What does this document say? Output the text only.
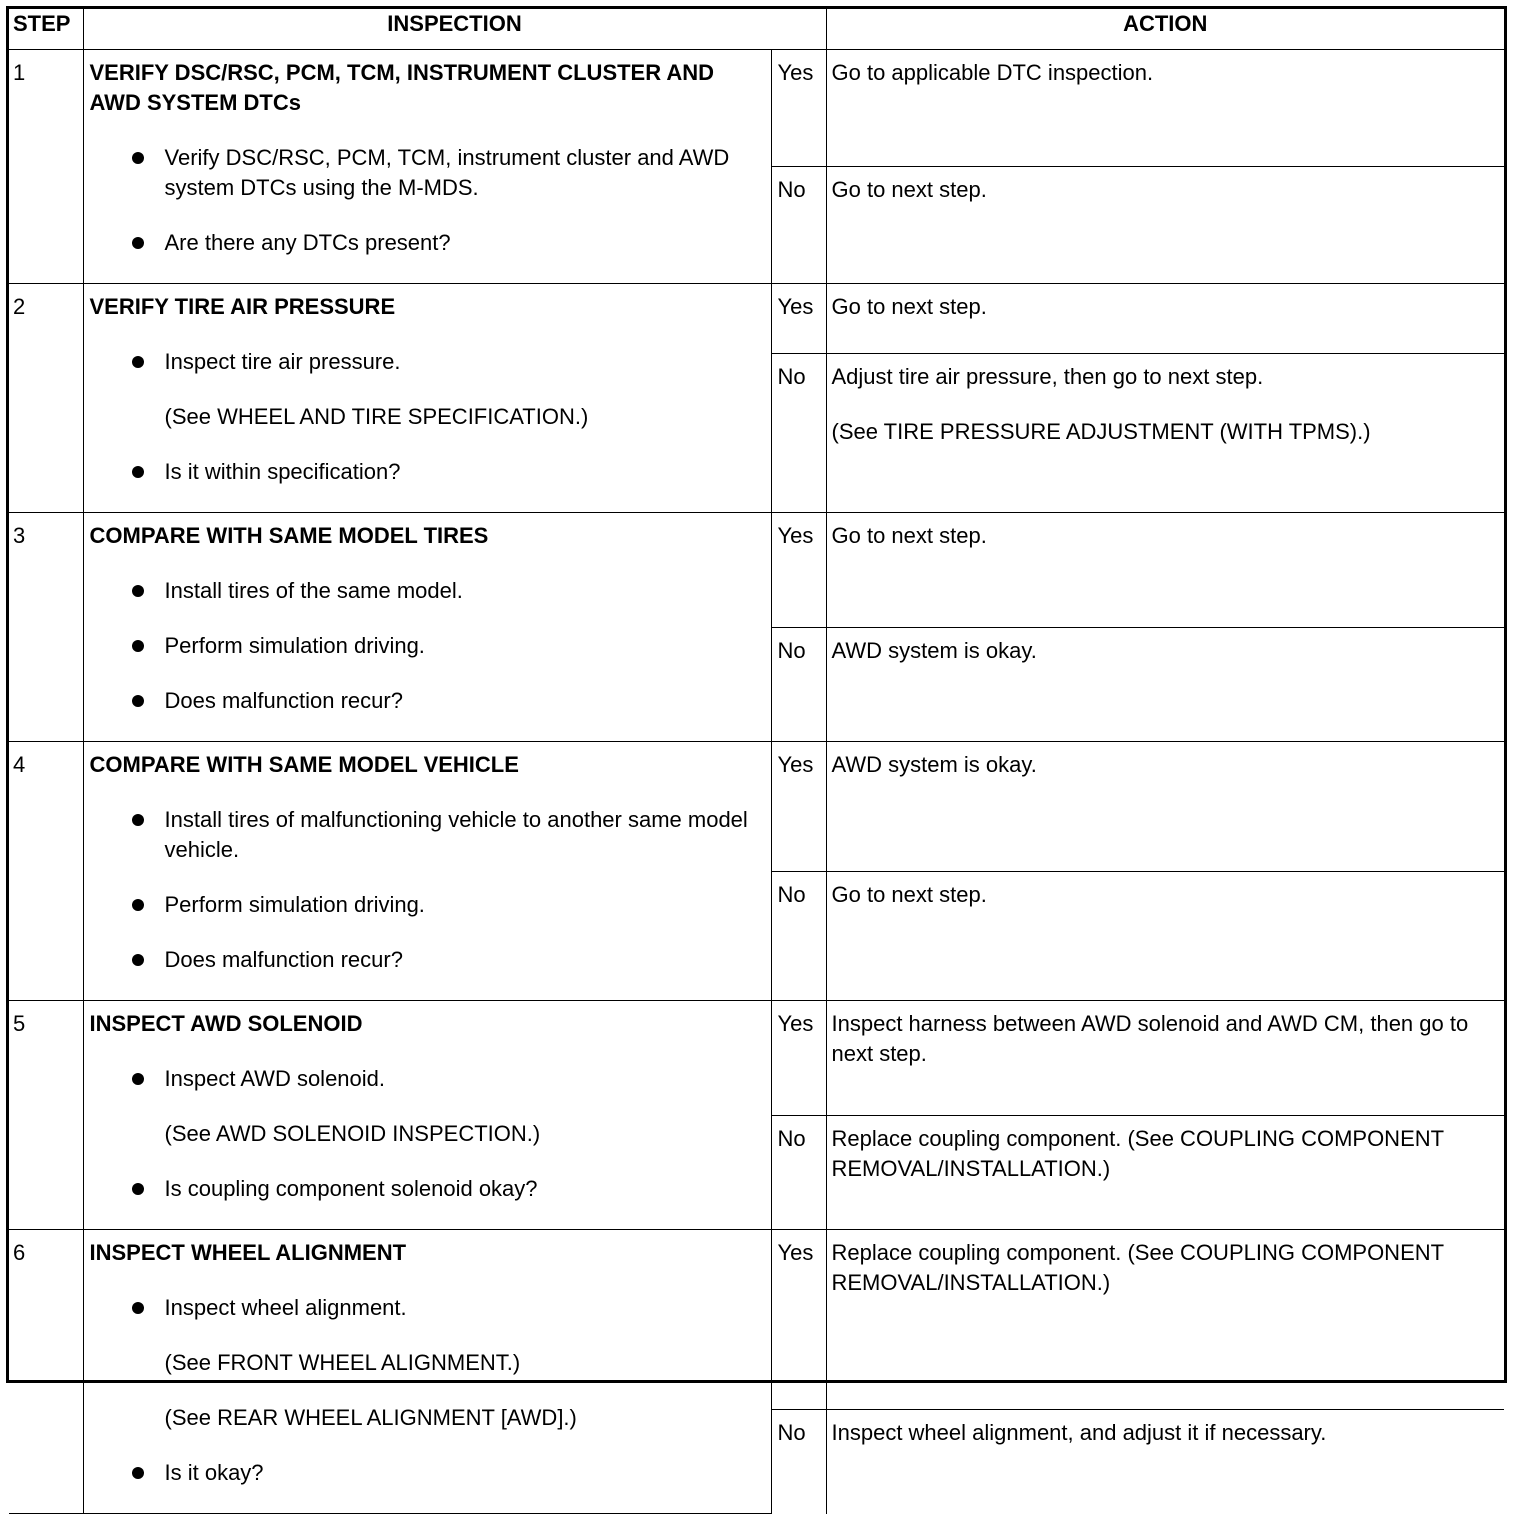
STEP	INSPECTION		ACTION
1	VERIFY DSC/RSC, PCM, TCM, INSTRUMENT CLUSTER AND AWD SYSTEM DTCs
Verify DSC/RSC, PCM, TCM, instrument cluster and AWD system DTCs using the M-MDS.
Are there any DTCs present?	Yes	Go to applicable DTC inspection.

		No	Go to next step.

2	VERIFY TIRE AIR PRESSURE
Inspect tire air pressure.
(See WHEEL AND TIRE SPECIFICATION.)
Is it within specification?	Yes	Go to next step.

		No	Adjust tire air pressure, then go to next step.
(See TIRE PRESSURE ADJUSTMENT (WITH TPMS).)

3	COMPARE WITH SAME MODEL TIRES
Install tires of the same model.
Perform simulation driving.
Does malfunction recur?	Yes	Go to next step.

		No	AWD system is okay.

4	COMPARE WITH SAME MODEL VEHICLE
Install tires of malfunctioning vehicle to another same model vehicle.
Perform simulation driving.
Does malfunction recur?	Yes	AWD system is okay.

		No	Go to next step.

5	INSPECT AWD SOLENOID
Inspect AWD solenoid.
(See AWD SOLENOID INSPECTION.)
Is coupling component solenoid okay?	Yes	Inspect harness between AWD solenoid and AWD CM, then go to next step.

		No	Replace coupling component. (See COUPLING COMPONENT REMOVAL/INSTALLATION.)

6	INSPECT WHEEL ALIGNMENT
Inspect wheel alignment.
(See FRONT WHEEL ALIGNMENT.)
(See REAR WHEEL ALIGNMENT [AWD].)
Is it okay?	Yes	Replace coupling component. (See COUPLING COMPONENT REMOVAL/INSTALLATION.)

		No	Inspect wheel alignment, and adjust it if necessary.
